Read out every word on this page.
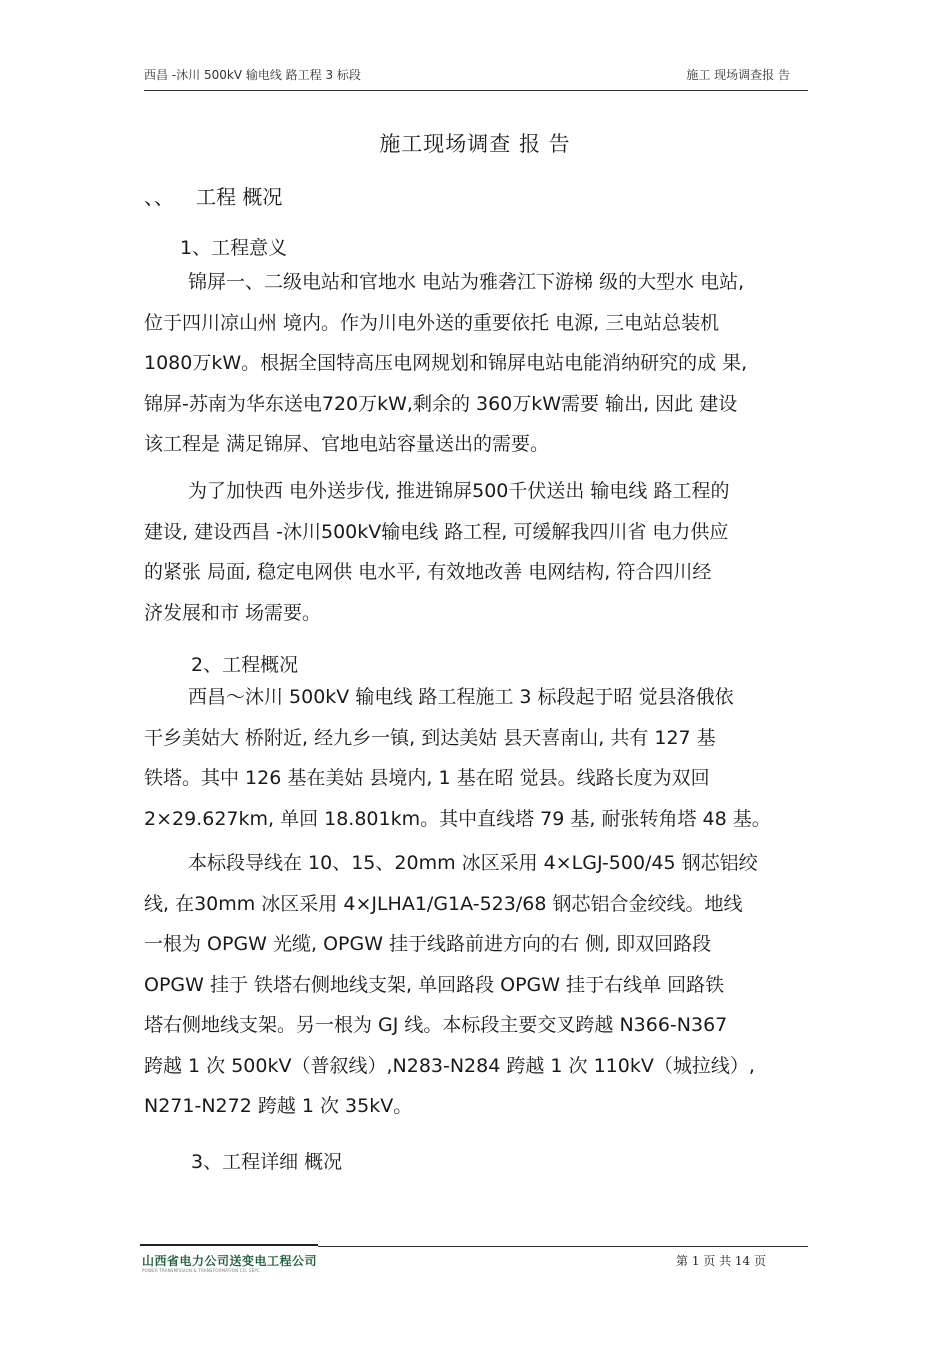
西昌 -沐川 500kV 输电线 路工程 3 标段	施工 现场调查报 告
施工现场调查 报 告
、、 工程 概况
1、工程意义
锦屏一、二级电站和官地水 电站为雅砻江下游梯 级的大型水 电站,
位于四川凉山州 境内。作为川电外送的重要依托 电源, 三电站总装机
1080万kW。根据全国特高压电网规划和锦屏电站电能消纳研究的成 果,
锦屏-苏南为华东送电720万kW,剩余的 360万kW需要 输出, 因此 建设
该工程是 满足锦屏、官地电站容量送出的需要。
为了加快西 电外送步伐, 推进锦屏500千伏送出 输电线 路工程的
建设, 建设西昌 -沐川500kV输电线 路工程, 可缓解我四川省 电力供应
的紧张 局面, 稳定电网供 电水平, 有效地改善 电网结构, 符合四川经
济发展和市 场需要。
2、工程概况
西昌～沐川 500kV 输电线 路工程施工 3 标段起于昭 觉县洛俄依
干乡美姑大 桥附近, 经九乡一镇, 到达美姑 县天喜南山, 共有 127 基
铁塔。其中 126 基在美姑 县境内, 1 基在昭 觉县。线路长度为双回
2×29.627km, 单回 18.801km。其中直线塔 79 基, 耐张转角塔 48 基。
本标段导线在 10、15、20mm 冰区采用 4×LGJ-500/45 钢芯铝绞
线, 在30mm 冰区采用 4×JLHA1/G1A-523/68 钢芯铝合金绞线。地线
一根为 OPGW 光缆, OPGW 挂于线路前进方向的右 侧, 即双回路段
OPGW 挂于 铁塔右侧地线支架, 单回路段 OPGW 挂于右线单 回路铁
塔右侧地线支架。另一根为 GJ 线。本标段主要交叉跨越 N366-N367
跨越 1 次 500kV（普叙线）,N283-N284 跨越 1 次 110kV（城拉线）,
N271-N272 跨越 1 次 35kV。
3、工程详细 概况
山西省电力公司送变电工程公司
POWER TRANSMISSION & TRANSFORMATION CO. SEPC
第 1 页 共 14 页
